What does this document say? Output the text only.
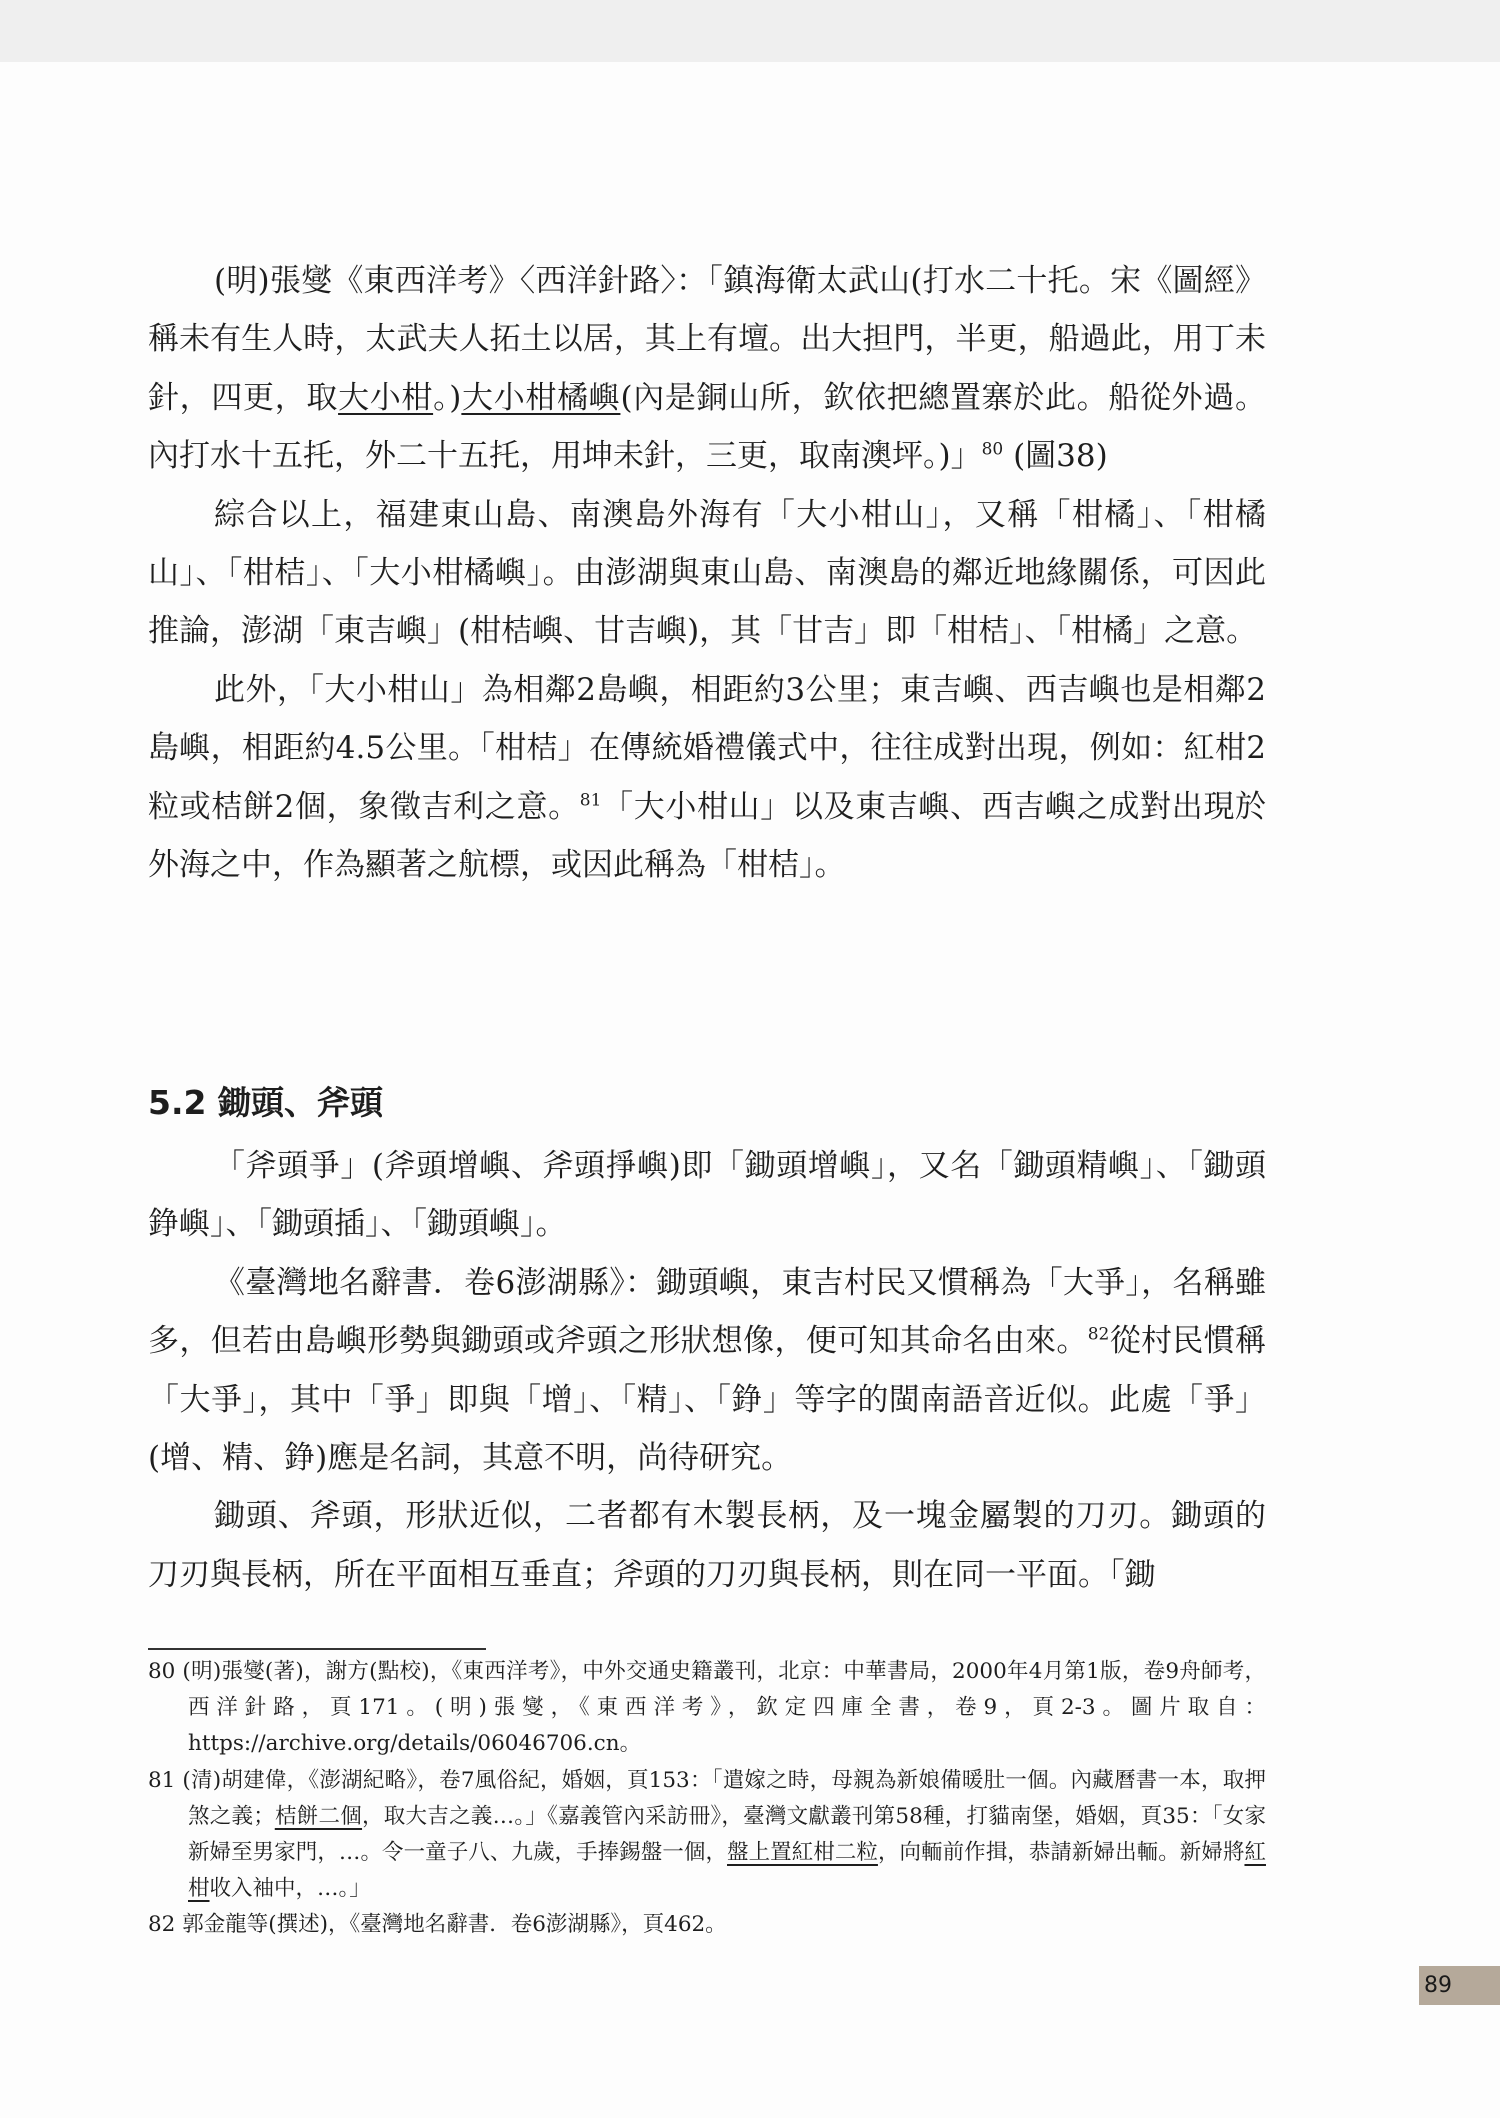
(明)張燮《東西洋考》〈西洋針路〉：「鎮海衛太武山(打水二十托。宋《圖經》稱未有生人時，太武夫人拓土以居，其上有壇。出大担門，半更，船過此，用丁未針，四更，取大小柑。)大小柑橘嶼(內是銅山所，欽依把總置寨於此。船從外過。內打水十五托，外二十五托，用坤未針，三更，取南澳坪。)」$^{80}$ (圖38)

綜合以上，福建東山島、南澳島外海有「大小柑山」，又稱「柑橘」、「柑橘山」、「柑桔」、「大小柑橘嶼」。由澎湖與東山島、南澳島的鄰近地緣關係，可因此推論，澎湖「東吉嶼」(柑桔嶼、甘吉嶼)，其「甘吉」即「柑桔」、「柑橘」之意。

此外，「大小柑山」為相鄰2島嶼，相距約3公里；東吉嶼、西吉嶼也是相鄰2島嶼，相距約4.5公里。「柑桔」在傳統婚禮儀式中，往往成對出現，例如：紅柑2粒或桔餅2個，象徵吉利之意。$^{81}$「大小柑山」以及東吉嶼、西吉嶼之成對出現於外海之中，作為顯著之航標，或因此稱為「柑桔」。

5.2 鋤頭、斧頭

「斧頭爭」(斧頭增嶼、斧頭掙嶼)即「鋤頭增嶼」，又名「鋤頭精嶼」、「鋤頭錚嶼」、「鋤頭插」、「鋤頭嶼」。

《臺灣地名辭書．卷6澎湖縣》：鋤頭嶼，東吉村民又慣稱為「大爭」，名稱雖多，但若由島嶼形勢與鋤頭或斧頭之形狀想像，便可知其命名由來。$^{82}$從村民慣稱「大爭」，其中「爭」即與「增」、「精」、「錚」等字的閩南語音近似。此處「爭」(增、精、錚)應是名詞，其意不明，尚待研究。

鋤頭、斧頭，形狀近似，二者都有木製長柄，及一塊金屬製的刀刃。鋤頭的刀刃與長柄，所在平面相互垂直；斧頭的刀刃與長柄，則在同一平面。「鋤

80 (明)張燮(著)，謝方(點校)，《東西洋考》，中外交通史籍叢刊，北京：中華書局，2000年4月第1版，卷9舟師考，西洋針路，頁171。(明)張燮，《東西洋考》，欽定四庫全書，卷9，頁2-3。圖片取自：https://archive.org/details/06046706.cn。

81 (清)胡建偉，《澎湖紀略》，卷7風俗紀，婚姻，頁153：「遣嫁之時，母親為新娘備暖肚一個。內藏曆書一本，取押煞之義；桔餅二個，取大吉之義…。」《嘉義管內采訪冊》，臺灣文獻叢刊第58種，打貓南堡，婚姻，頁35：「女家新婦至男家門，…。令一童子八、九歲，手捧錫盤一個，盤上置紅柑二粒，向輀前作揖，恭請新婦出輀。新婦將紅柑收入袖中，…。」

82 郭金龍等(撰述)，《臺灣地名辭書．卷6澎湖縣》，頁462。

89
